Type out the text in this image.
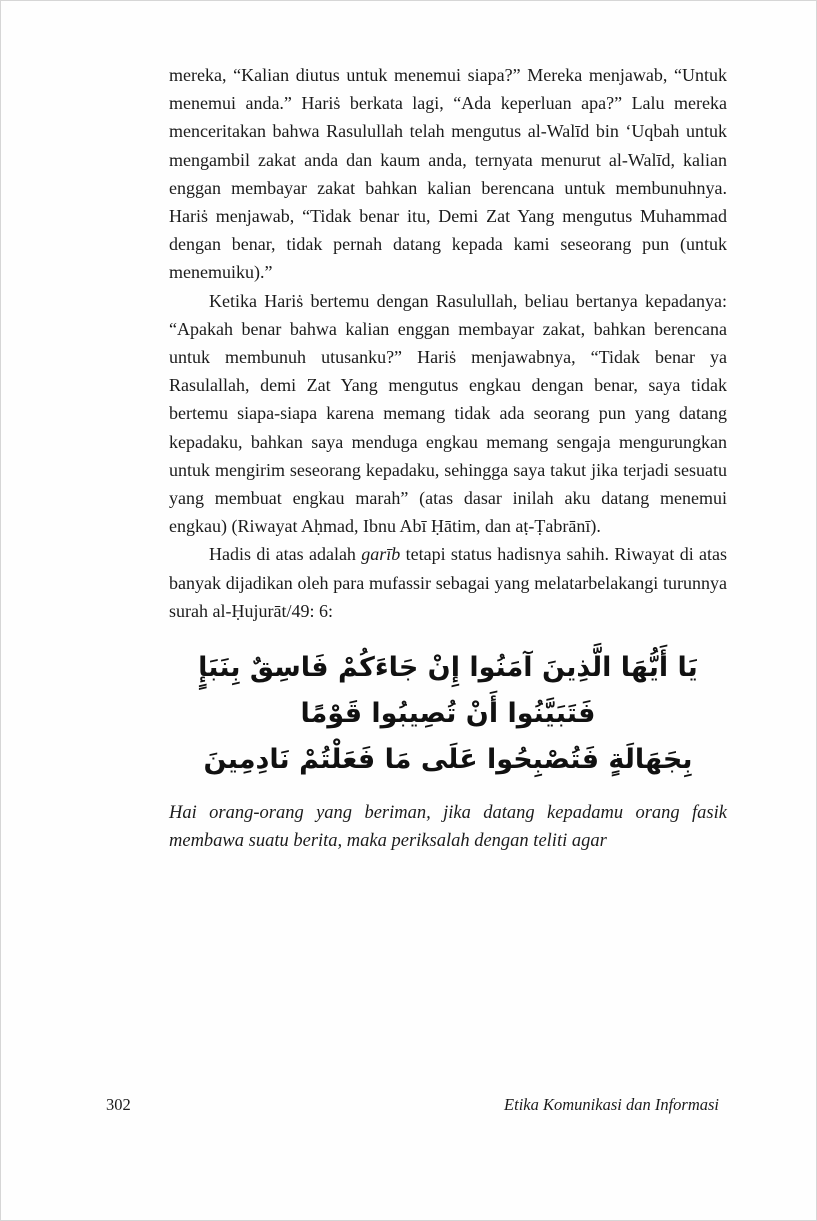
mereka, “Kalian diutus untuk menemui siapa?” Mereka menjawab, “Untuk menemui anda.” Hariṡ berkata lagi, “Ada keperluan apa?” Lalu mereka menceritakan bahwa Rasulullah telah mengutus al-Walīd bin ‘Uqbah untuk mengambil zakat anda dan kaum anda, ternyata menurut al-Walīd, kalian enggan membayar zakat bahkan kalian berencana untuk membunuhnya. Hariṡ menjawab, “Tidak benar itu, Demi Zat Yang mengutus Muhammad dengan benar, tidak pernah datang kepada kami seseorang pun (untuk menemuiku).”

Ketika Hariṡ bertemu dengan Rasulullah, beliau bertanya kepadanya: “Apakah benar bahwa kalian enggan membayar zakat, bahkan berencana untuk membunuh utusanku?” Hariṡ menjawabnya, “Tidak benar ya Rasulallah, demi Zat Yang mengutus engkau dengan benar, saya tidak bertemu siapa-siapa karena memang tidak ada seorang pun yang datang kepadaku, bahkan saya menduga engkau memang sengaja mengurungkan untuk mengirim seseorang kepadaku, sehingga saya takut jika terjadi sesuatu yang membuat engkau marah” (atas dasar inilah aku datang menemui engkau) (Riwayat Aḥmad, Ibnu Abī Ḥātim, dan aṭ-Ṭabrānī).

Hadis di atas adalah garīb tetapi status hadisnya sahih. Riwayat di atas banyak dijadikan oleh para mufassir sebagai yang melatarbelakangi turunnya surah al-Ḥujurāt/49: 6:

يَا أَيُّهَا الَّذِينَ آمَنُوا إِنْ جَاءَكُمْ فَاسِقٌ بِنَبَإٍ فَتَبَيَّنُوا أَنْ تُصِيبُوا قَوْمًا
بِجَهَالَةٍ فَتُصْبِحُوا عَلَى مَا فَعَلْتُمْ نَادِمِينَ

Hai orang-orang yang beriman, jika datang kepadamu orang fasik membawa suatu berita, maka periksalah dengan teliti agar

302	Etika Komunikasi dan Informasi
